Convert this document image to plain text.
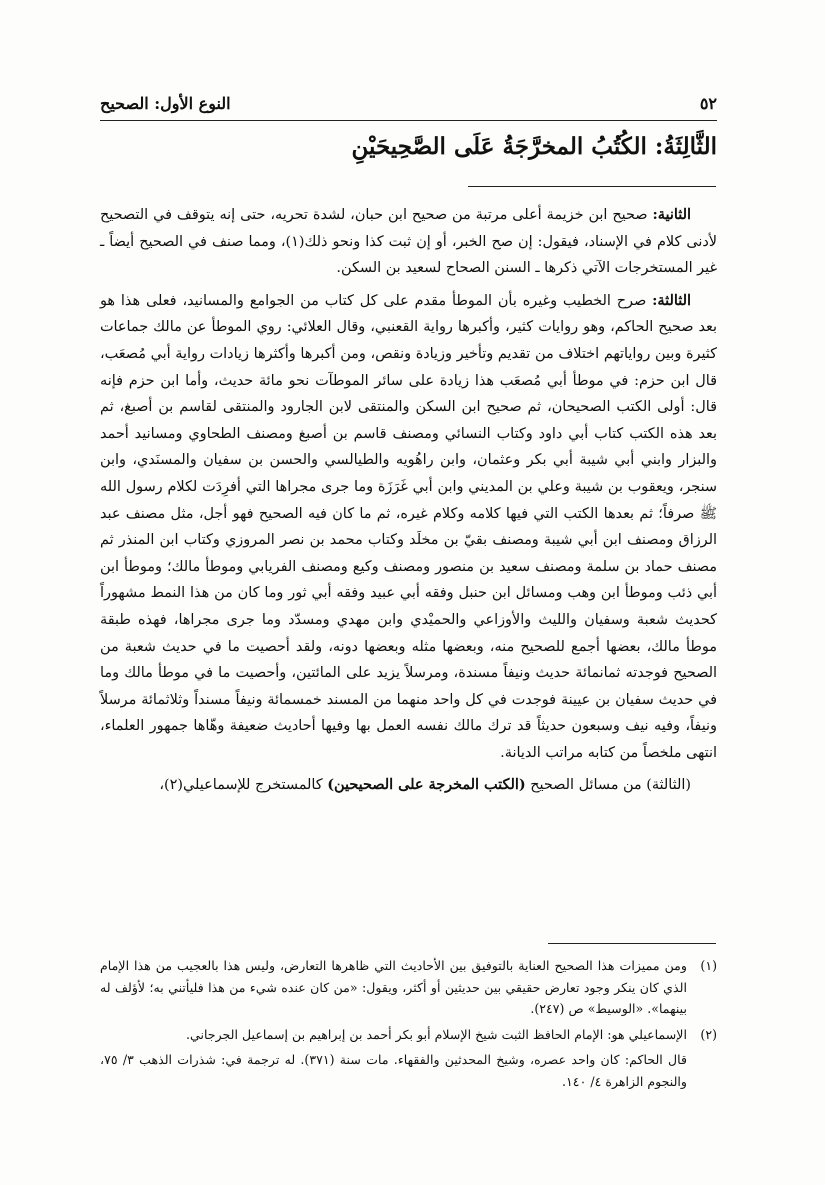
٥٢
النوع الأول: الصحيح
الثَّالِثَةُ: الكُتُبُ المخرَّجَةُ عَلَى الصَّحِيحَيْنِ

الثانية: صحيح ابن خزيمة أعلى مرتبة من صحيح ابن حبان، لشدة تحريه، حتى إنه يتوقف في التصحيح لأدنى كلام في الإسناد، فيقول: إن صح الخبر، أو إن ثبت كذا ونحو ذلك(١)، ومما صنف في الصحيح أيضاً ـ غير المستخرجات الآتي ذكرها ـ السنن الصحاح لسعيد بن السكن.

الثالثة: صرح الخطيب وغيره بأن الموطأ مقدم على كل كتاب من الجوامع والمسانيد، فعلى هذا هو بعد صحيح الحاكم، وهو روايات كثير، وأكبرها رواية القعنبي، وقال العلائي: روي الموطأ عن مالك جماعات كثيرة وبين رواياتهم اختلاف من تقديم وتأخير وزيادة ونقص، ومن أكبرها وأكثرها زيادات رواية أبي مُصعَب، قال ابن حزم: في موطأ أبي مُصعَب هذا زيادة على سائر الموطآت نحو مائة حديث، وأما ابن حزم فإنه قال: أولى الكتب الصحيحان، ثم صحيح ابن السكن والمنتقى لابن الجارود والمنتقى لقاسم بن أصبغ، ثم بعد هذه الكتب كتاب أبي داود وكتاب النسائي ومصنف قاسم بن أصبغ ومصنف الطحاوي ومسانيد أحمد والبزار وابني أبي شيبة أبي بكر وعثمان، وابن راهُويه والطيالسي والحسن بن سفيان والمسنَدي، وابن سنجر، ويعقوب بن شيبة وعلي بن المديني وابن أبي غَرَزَة وما جرى مجراها التي أفرِدَت لكلام رسول الله ﷺ صرفاً؛ ثم بعدها الكتب التي فيها كلامه وكلام غيره، ثم ما كان فيه الصحيح فهو أجل، مثل مصنف عبد الرزاق ومصنف ابن أبي شيبة ومصنف بقيّ بن مخلَد وكتاب محمد بن نصر المروزي وكتاب ابن المنذر ثم مصنف حماد بن سلمة ومصنف سعيد بن منصور ومصنف وكيع ومصنف الفريابي وموطأ مالك؛ وموطأ ابن أبي ذئب وموطأ ابن وهب ومسائل ابن حنبل وفقه أبي عبيد وفقه أبي ثور وما كان من هذا النمط مشهوراً كحديث شعبة وسفيان والليث والأوزاعي والحميْدي وابن مهدي ومسدّد وما جرى مجراها، فهذه طبقة موطأ مالك، بعضها أجمع للصحيح منه، وبعضها مثله وبعضها دونه، ولقد أحصيت ما في حديث شعبة من الصحيح فوجدته ثمانمائة حديث ونيفاً مسندة، ومرسلاً يزيد على المائتين، وأحصيت ما في موطأ مالك وما في حديث سفيان بن عيينة فوجدت في كل واحد منهما من المسند خمسمائة ونيفاً مسنداً وثلاثمائة مرسلاً ونيفاً، وفيه نيف وسبعون حديثاً قد ترك مالك نفسه العمل بها وفيها أحاديث ضعيفة وهّاها جمهور العلماء، انتهى ملخصاً من كتابه مراتب الديانة.

(الثالثة) من مسائل الصحيح (الكتب المخرجة على الصحيحين) كالمستخرج للإسماعيلي(٢)،

(١)
ومن مميزات هذا الصحيح العناية بالتوفيق بين الأحاديث التي ظاهرها التعارض، وليس هذا بالعجيب من هذا الإمام الذي كان ينكر وجود تعارض حقيقي بين حديثين أو أكثر، ويقول: «من كان عنده شيء من هذا فليأتني به؛ لأؤلف له بينهما». «الوسيط» ص (٢٤٧).

(٢)
الإسماعيلي هو: الإمام الحافظ الثبت شيخ الإسلام أبو بكر أحمد بن إبراهيم بن إسماعيل الجرجاني.

قال الحاكم: كان واحد عصره، وشيخ المحدثين والفقهاء. مات سنة (٣٧١). له ترجمة في: شذرات الذهب ٣/ ٧٥، والنجوم الزاهرة ٤/ ١٤٠.
